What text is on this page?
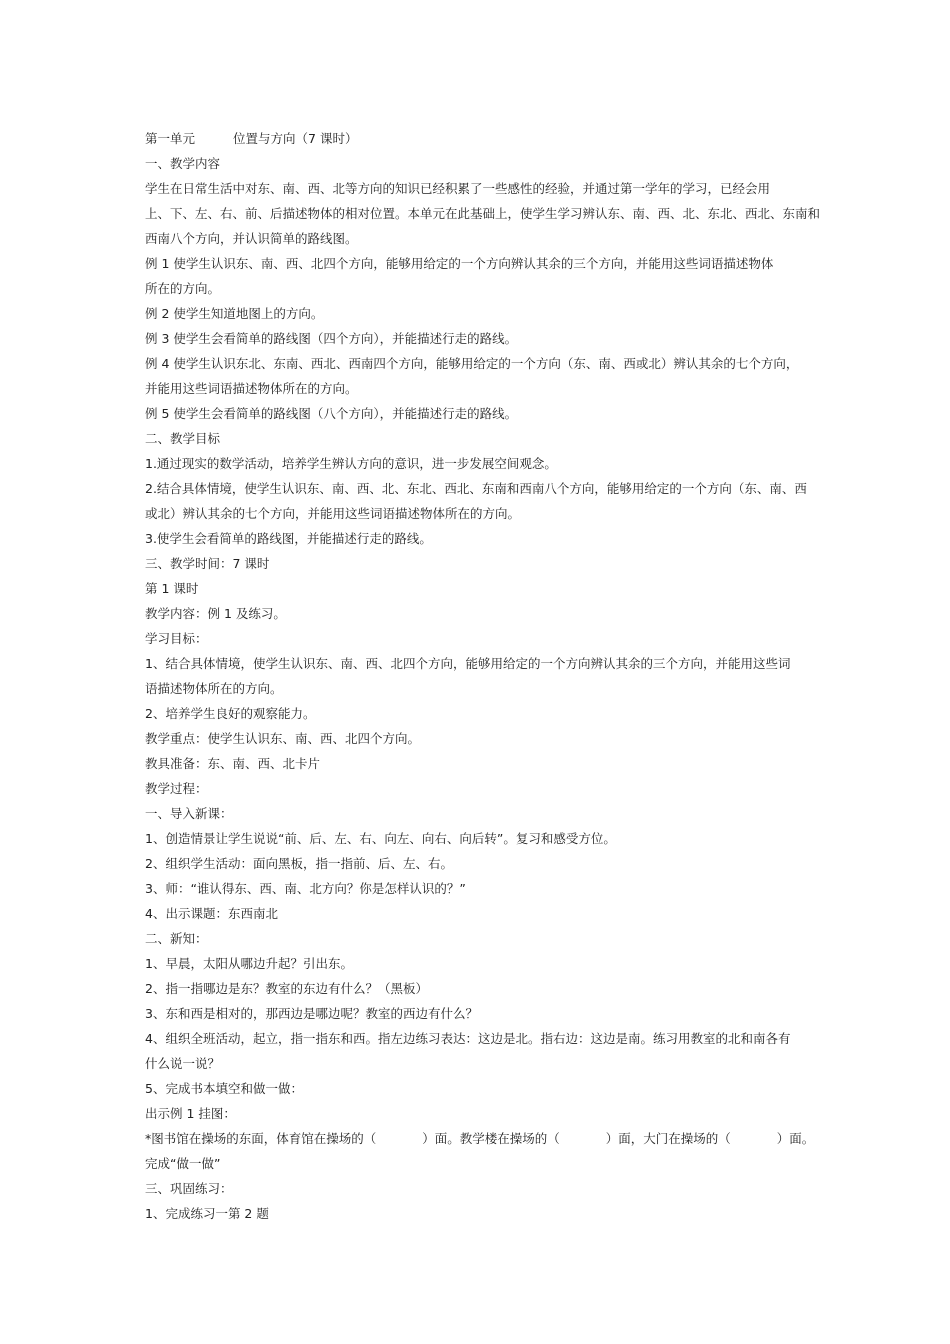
第一单元	位置与方向（7 课时）
一、教学内容
学生在日常生活中对东、南、西、北等方向的知识已经积累了一些感性的经验，并通过第一学年的学习，已经会用
上、下、左、右、前、后描述物体的相对位置。本单元在此基础上，使学生学习辨认东、南、西、北、东北、西北、东南和
西南八个方向，并认识简单的路线图。
例 1 使学生认识东、南、西、北四个方向，能够用给定的一个方向辨认其余的三个方向，并能用这些词语描述物体
所在的方向。
例 2 使学生知道地图上的方向。
例 3 使学生会看简单的路线图（四个方向），并能描述行走的路线。
例 4 使学生认识东北、东南、西北、西南四个方向，能够用给定的一个方向（东、南、西或北）辨认其余的七个方向，
并能用这些词语描述物体所在的方向。
例 5 使学生会看简单的路线图（八个方向），并能描述行走的路线。
二、教学目标
1.通过现实的数学活动，培养学生辨认方向的意识，进一步发展空间观念。
2.结合具体情境，使学生认识东、南、西、北、东北、西北、东南和西南八个方向，能够用给定的一个方向（东、南、西
或北）辨认其余的七个方向，并能用这些词语描述物体所在的方向。
3.使学生会看简单的路线图，并能描述行走的路线。
三、教学时间：7 课时
第 1 课时
教学内容：例 1 及练习。
学习目标：
1、结合具体情境，使学生认识东、南、西、北四个方向，能够用给定的一个方向辨认其余的三个方向，并能用这些词
语描述物体所在的方向。
2、培养学生良好的观察能力。
教学重点：使学生认识东、南、西、北四个方向。
教具准备：东、南、西、北卡片
教学过程：
一、导入新课：
1、创造情景让学生说说“前、后、左、右、向左、向右、向后转”。复习和感受方位。
2、组织学生活动：面向黑板，指一指前、后、左、右。
3、师：“谁认得东、西、南、北方向？你是怎样认识的？”
4、出示课题：东西南北
二、新知：
1、早晨，太阳从哪边升起？引出东。
2、指一指哪边是东？教室的东边有什么？（黑板）
3、东和西是相对的，那西边是哪边呢？教室的西边有什么？
4、组织全班活动，起立，指一指东和西。指左边练习表达：这边是北。指右边：这边是南。练习用教室的北和南各有
什么说一说？
5、完成书本填空和做一做：
出示例 1 挂图：
*图书馆在操场的东面，体育馆在操场的（	）面。教学楼在操场的（	）面，大门在操场的（	）面。
完成“做一做”
三、巩固练习：
1、完成练习一第 2 题
